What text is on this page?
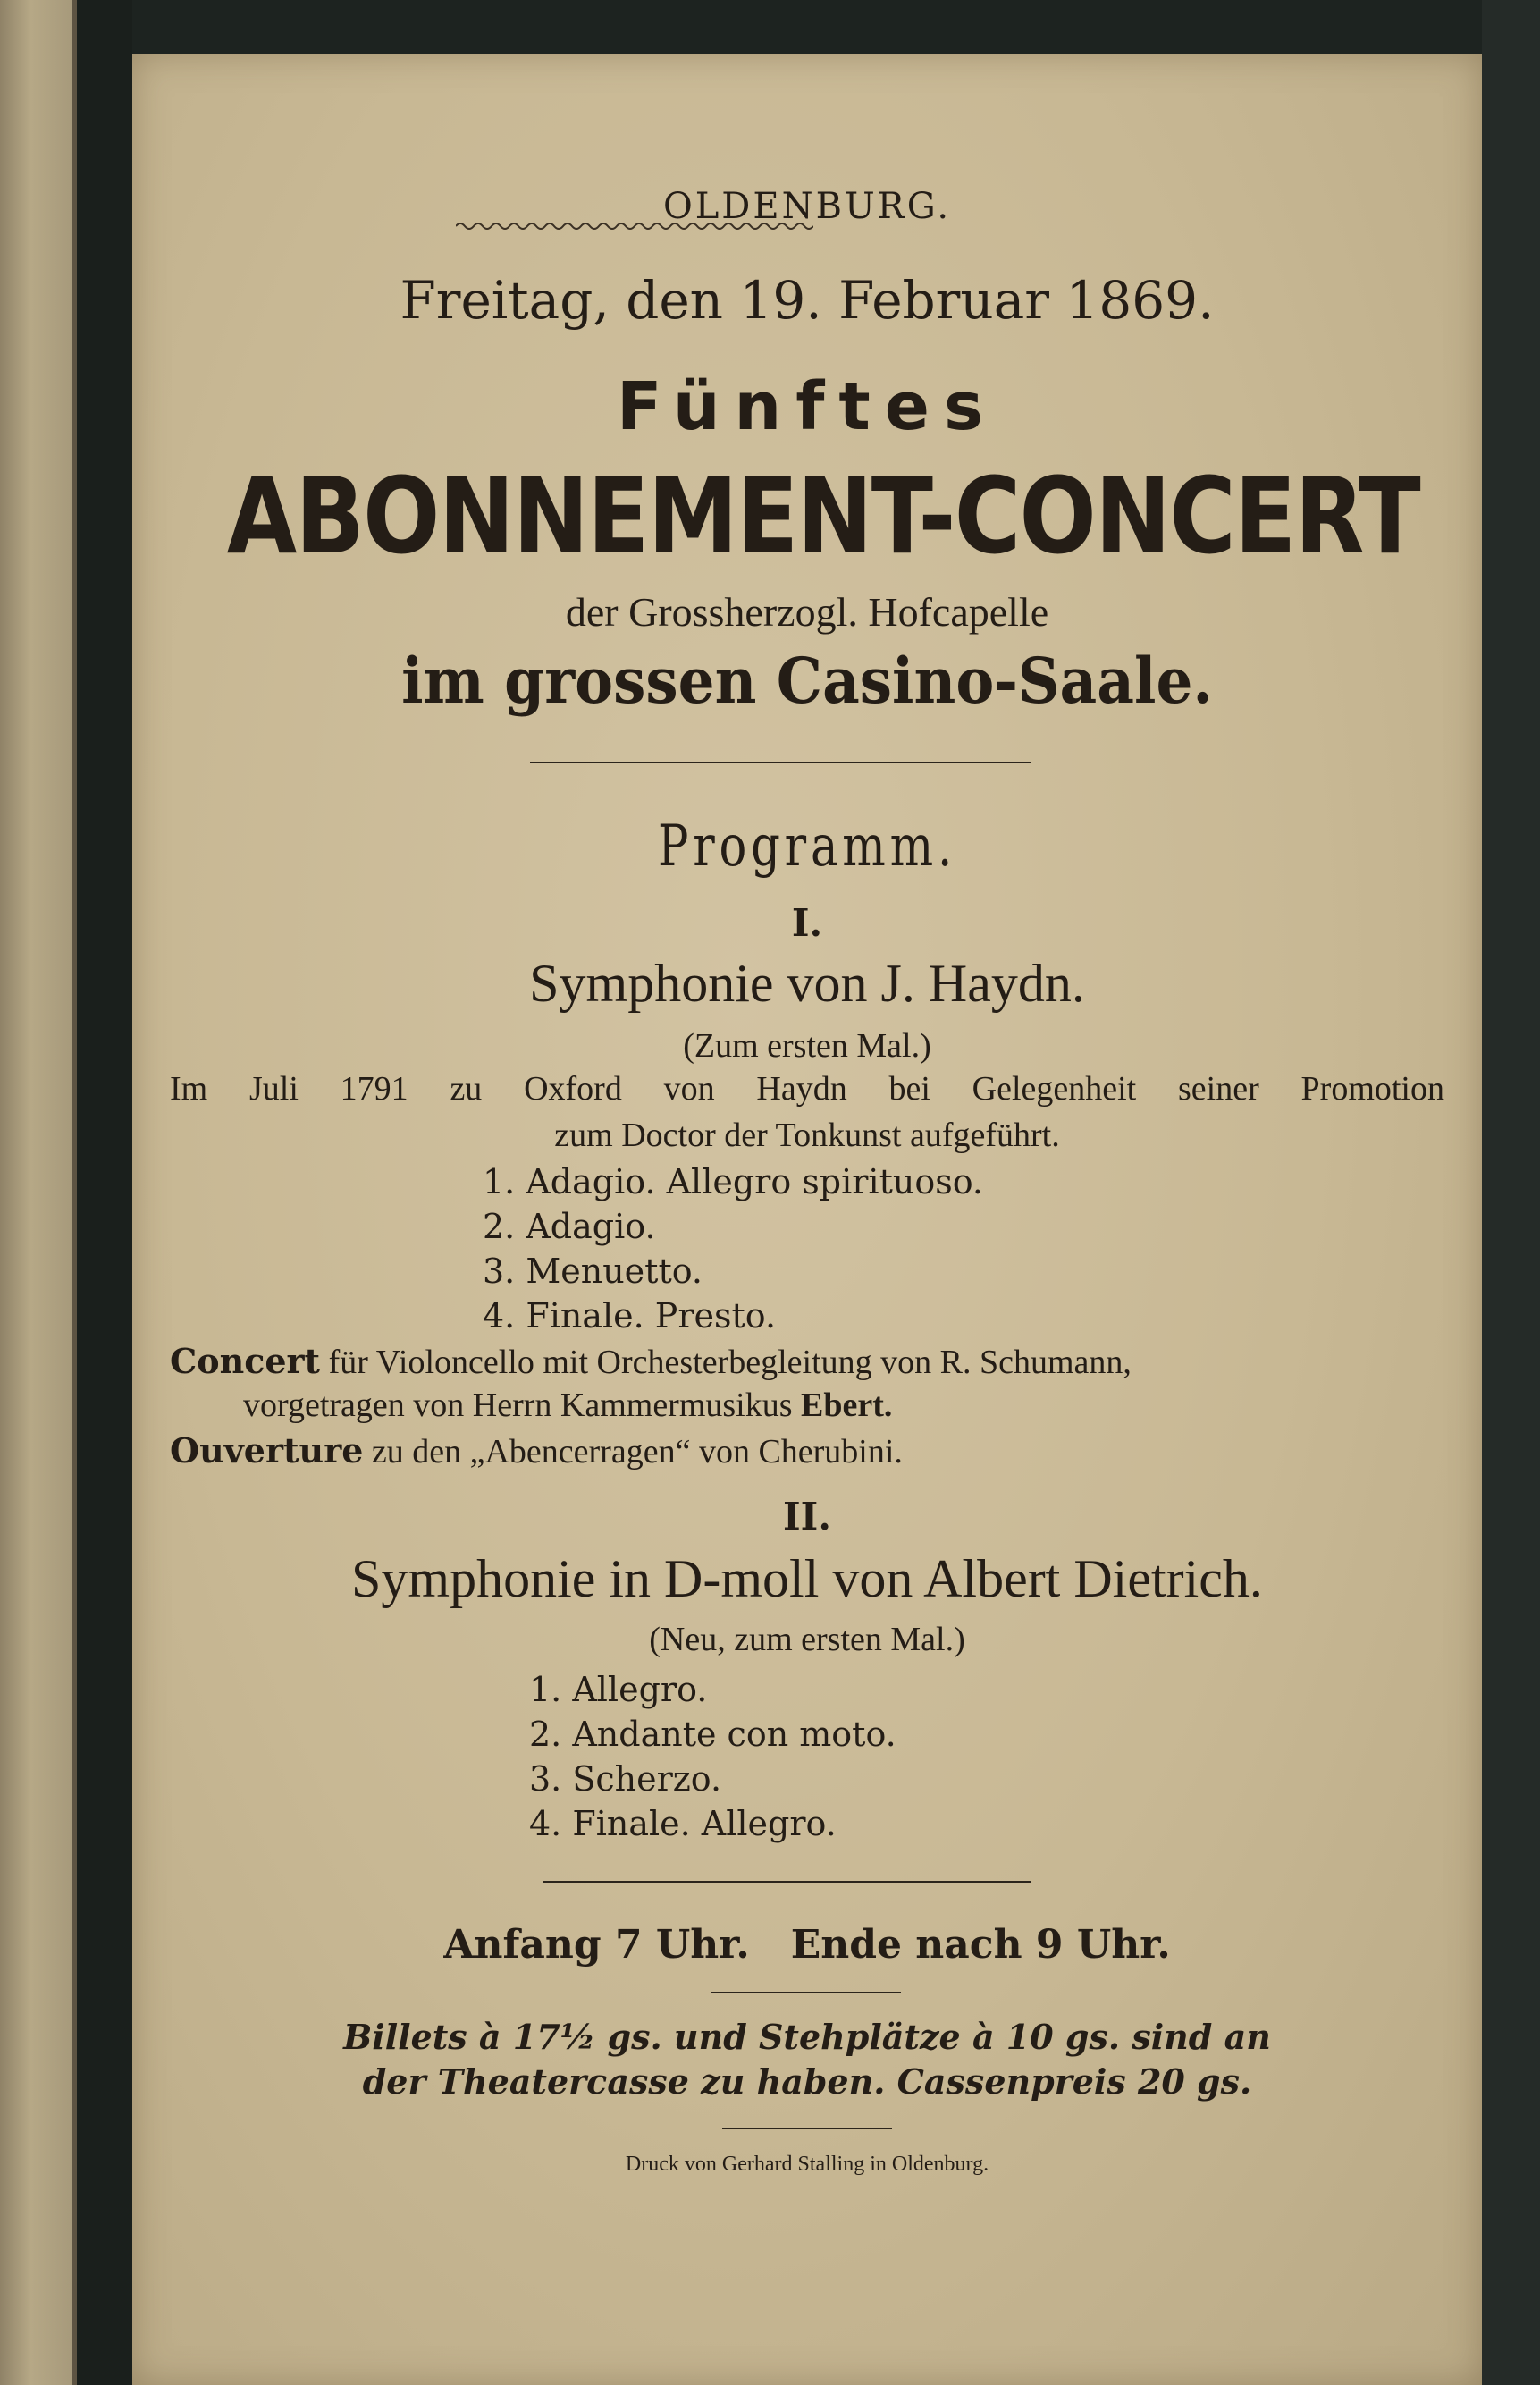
OLDENBURG.
Freitag, den 19. Februar 1869.
Fünftes
ABONNEMENT-CONCERT
der Grossherzogl. Hofcapelle
im grossen Casino-Saale.
Programm.
I.
Symphonie von J. Haydn.
(Zum ersten Mal.)
Im Juli 1791 zu Oxford von Haydn bei Gelegenheit seiner Promotion
zum Doctor der Tonkunst aufgeführt.
1. Adagio. Allegro spirituoso.
2. Adagio.
3. Menuetto.
4. Finale. Presto.
Concert für Violoncello mit Orchesterbegleitung von R. Schumann,
vorgetragen von Herrn Kammermusikus Ebert.
Ouverture zu den „Abencerragen“ von Cherubini.
II.
Symphonie in D-moll von Albert Dietrich.
(Neu, zum ersten Mal.)
1. Allegro.
2. Andante con moto.
3. Scherzo.
4. Finale. Allegro.
Anfang 7 Uhr.   Ende nach 9 Uhr.
Billets à 17½ gs. und Stehplätze à 10 gs. sind an
der Theatercasse zu haben. Cassenpreis 20 gs.
Druck von Gerhard Stalling in Oldenburg.
